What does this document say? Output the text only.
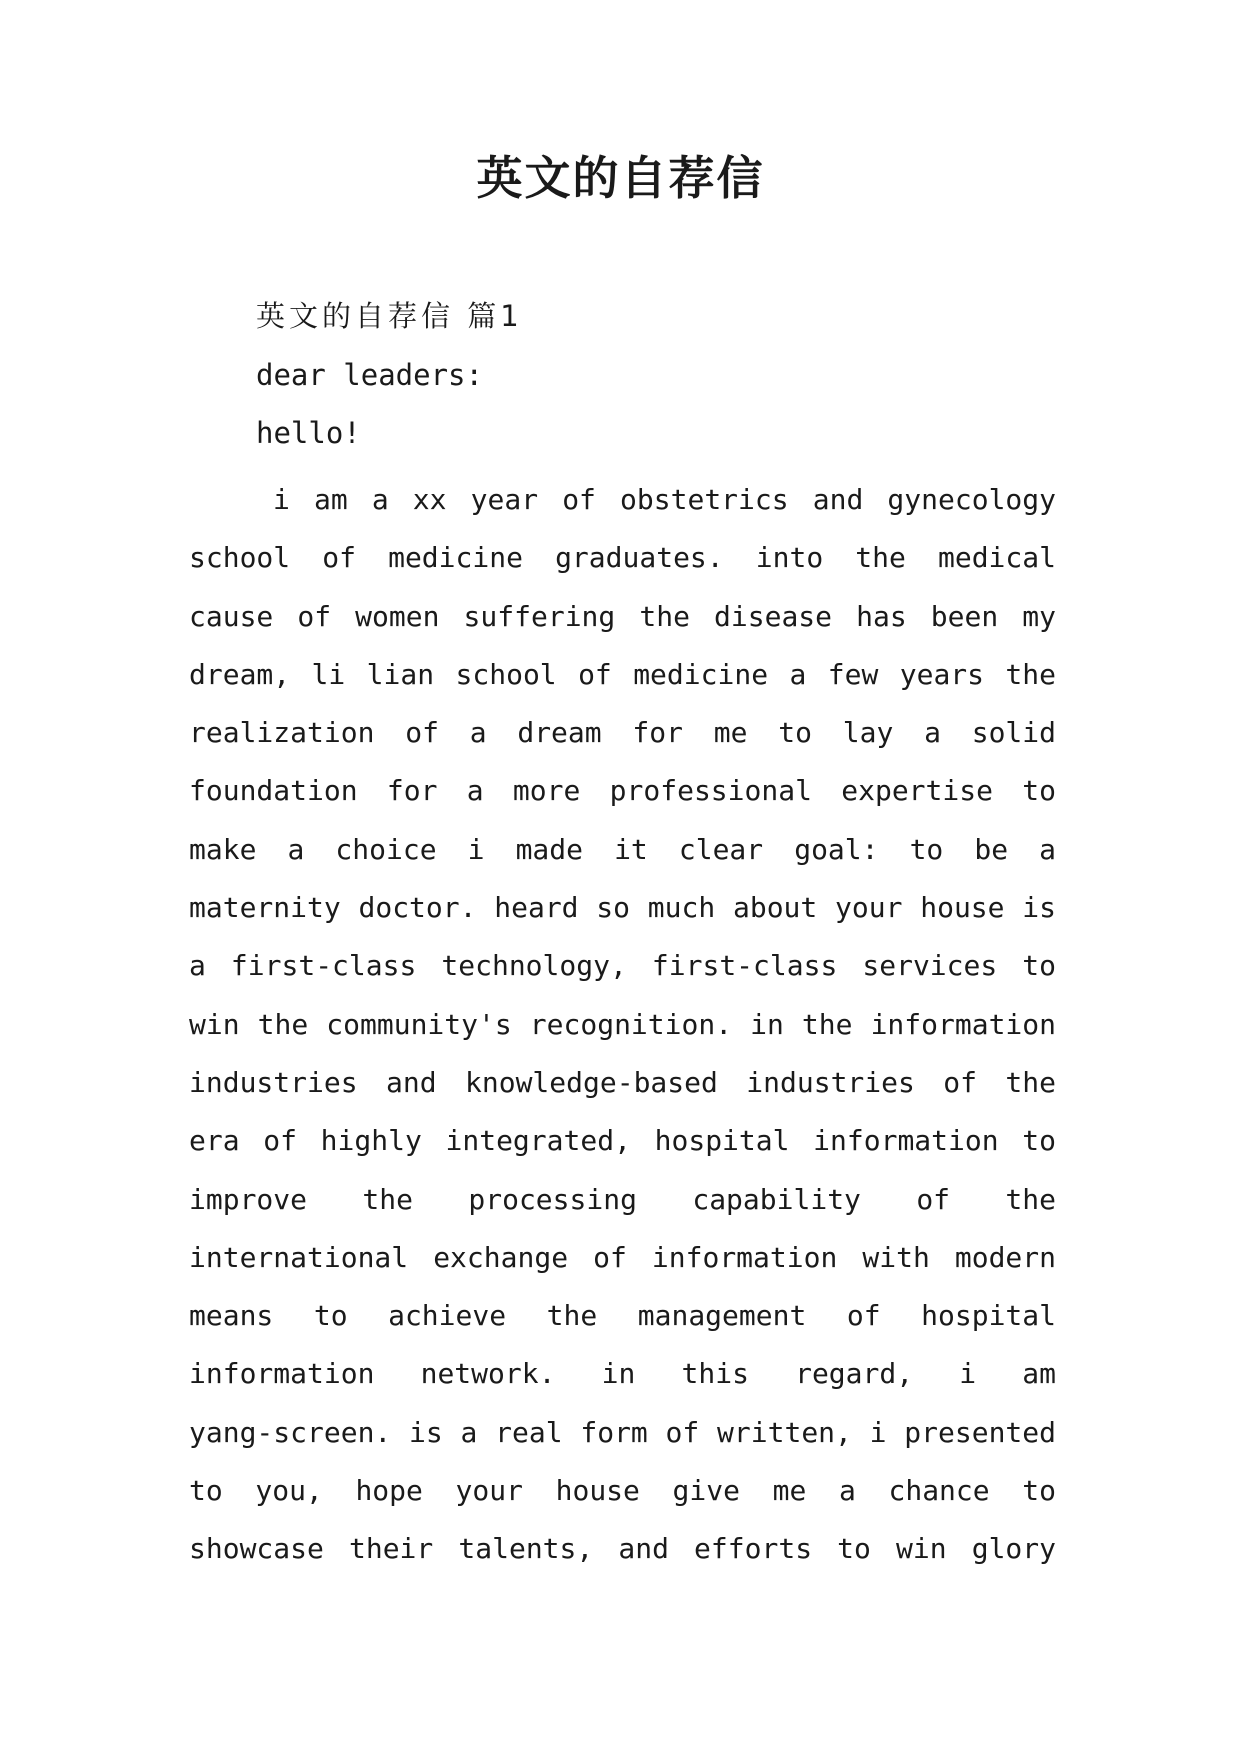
英文的自荐信

英文的自荐信 篇1

dear leaders:

hello!

i am a xx year of obstetrics and gynecology
school of medicine graduates. into the medical
cause of women suffering the disease has been my
dream, li lian school of medicine a few years the
realization of a dream for me to lay a solid
foundation for a more professional expertise to
make a choice i made it clear goal: to be a
maternity doctor. heard so much about your house is
a first-class technology, first-class services to
win the community's recognition. in the information
industries and knowledge-based industries of the
era of highly integrated, hospital information to
improve the processing capability of the
international exchange of information with modern
means to achieve the management of hospital
information network. in this regard, i am
yang-screen. is a real form of written, i presented
to you, hope your house give me a chance to
showcase their talents, and efforts to win glory
